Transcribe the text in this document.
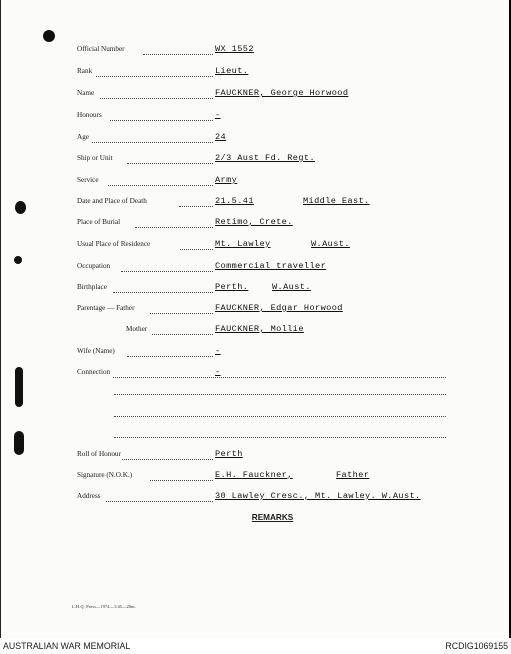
Official Number	WX 1552
Rank	Lieut.
Name	FAUCKNER, George Horwood
Honours	-
Age	24
Ship or Unit	2/3 Aust Fd. Regt.
Service	Army
Date and Place of Death	21.5.41	Middle East.
Place of Burial	Retimo, Crete.
Usual Place of Residence	Mt. Lawley	W.Aust.
Occupation	Commercial traveller
Birthplace	Perth.	W.Aust.
Parentage — Father	FAUCKNER, Edgar Horwood
Mother	FAUCKNER, Mollie
Wife (Name)	-
Connection	-
Roll of Honour	Perth
Signature (N.O.K.)	E.H. Fauckner,	Father
Address	30 Lawley Cresc., Mt. Lawley. W.Aust.
REMARKS
L.H.Q. Press—1974—1/45—20m.
AUSTRALIAN WAR MEMORIAL	RCDIG1069155
